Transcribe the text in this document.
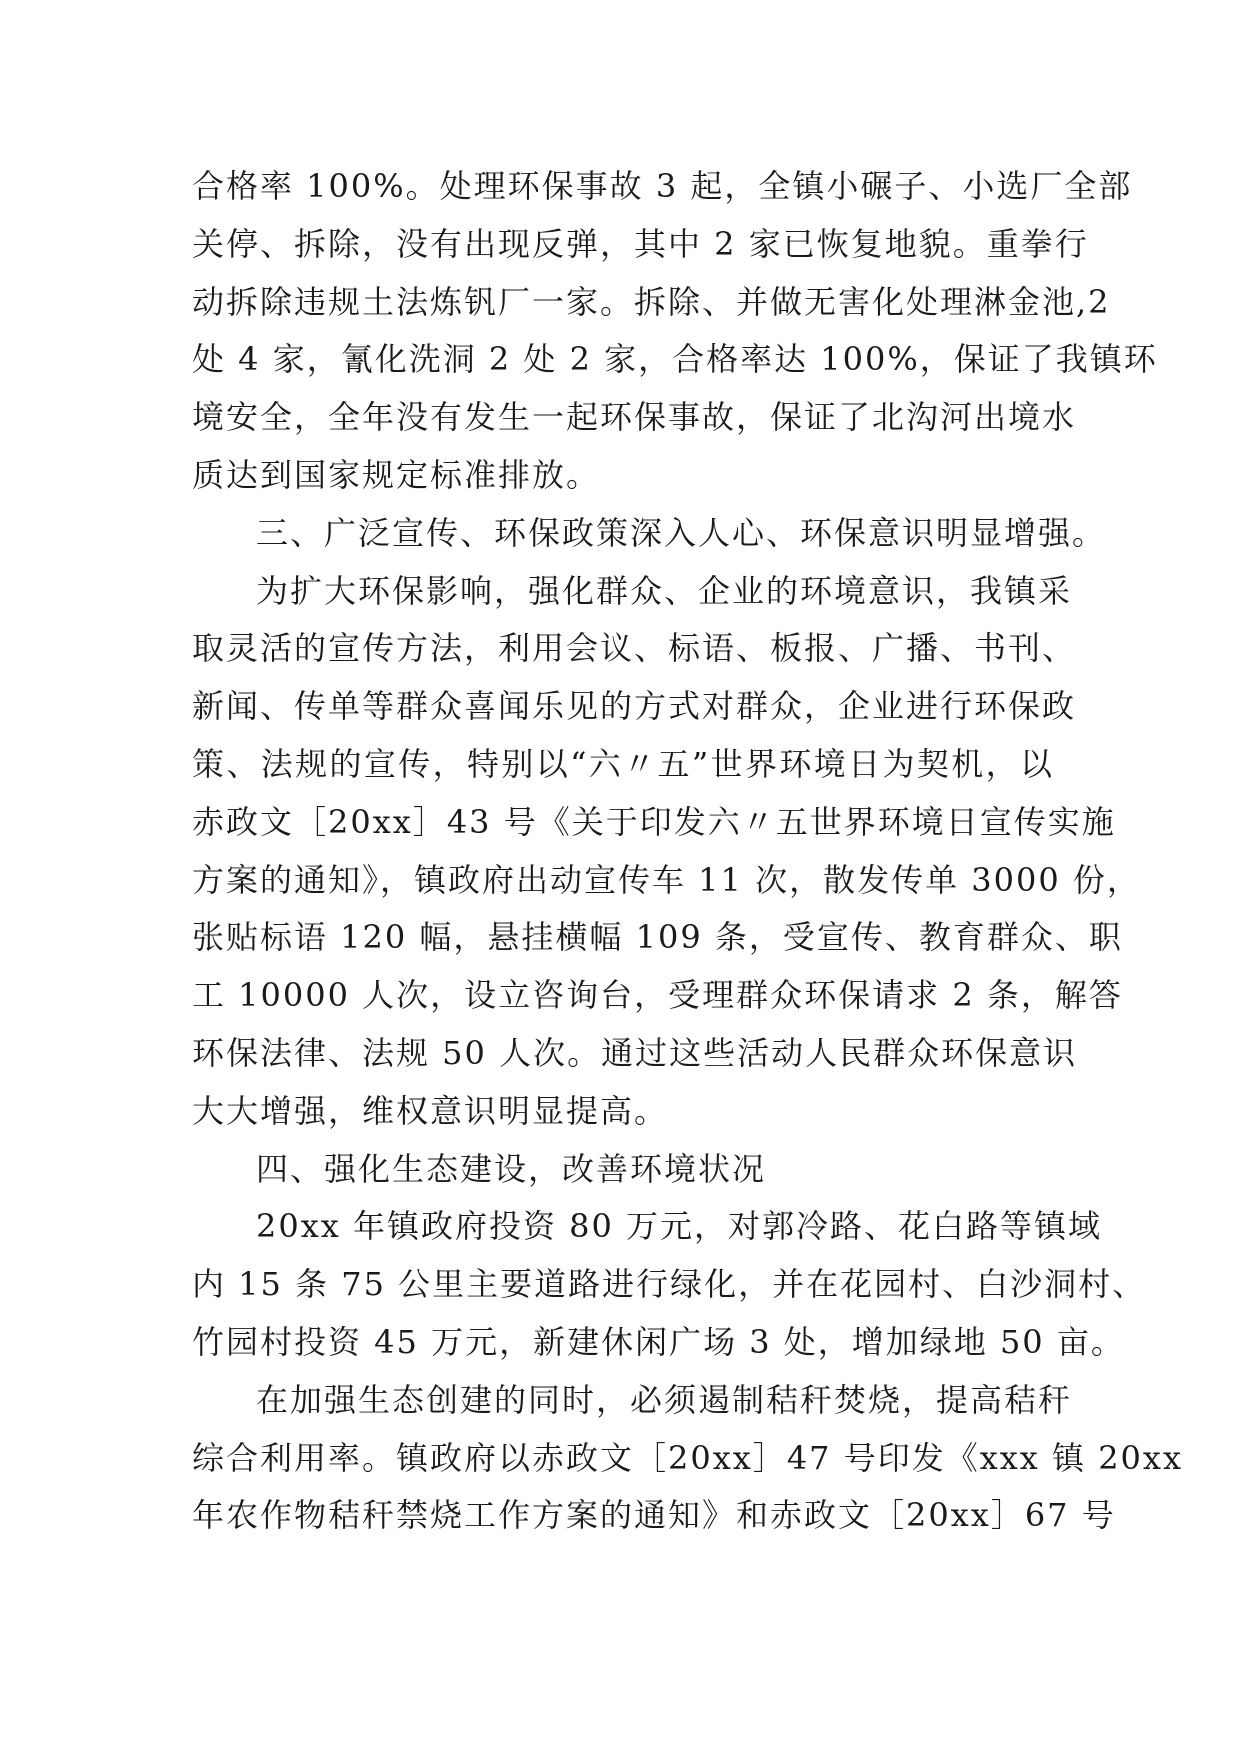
合格率 100%。处理环保事故 3 起，全镇小碾子、小选厂全部
关停、拆除，没有出现反弹，其中 2 家已恢复地貌。重拳行
动拆除违规土法炼钒厂一家。拆除、并做无害化处理淋金池,2
处 4 家，氰化洗洞 2 处 2 家，合格率达 100%，保证了我镇环
境安全，全年没有发生一起环保事故，保证了北沟河出境水
质达到国家规定标准排放。
三、广泛宣传、环保政策深入人心、环保意识明显增强。
为扩大环保影响，强化群众、企业的环境意识，我镇采
取灵活的宣传方法，利用会议、标语、板报、广播、书刊、
新闻、传单等群众喜闻乐见的方式对群众，企业进行环保政
策、法规的宣传，特别以“六〃五”世界环境日为契机，以
赤政文［20xx］43 号《关于印发六〃五世界环境日宣传实施
方案的通知》，镇政府出动宣传车 11 次，散发传单 3000 份，
张贴标语 120 幅，悬挂横幅 109 条，受宣传、教育群众、职
工 10000 人次，设立咨询台，受理群众环保请求 2 条，解答
环保法律、法规 50 人次。通过这些活动人民群众环保意识
大大增强，维权意识明显提高。
四、强化生态建设，改善环境状况
20xx 年镇政府投资 80 万元，对郭冷路、花白路等镇域
内 15 条 75 公里主要道路进行绿化，并在花园村、白沙洞村、
竹园村投资 45 万元，新建休闲广场 3 处，增加绿地 50 亩。
在加强生态创建的同时，必须遏制秸秆焚烧，提高秸秆
综合利用率。镇政府以赤政文［20xx］47 号印发《xxx 镇 20xx
年农作物秸秆禁烧工作方案的通知》和赤政文［20xx］67 号
